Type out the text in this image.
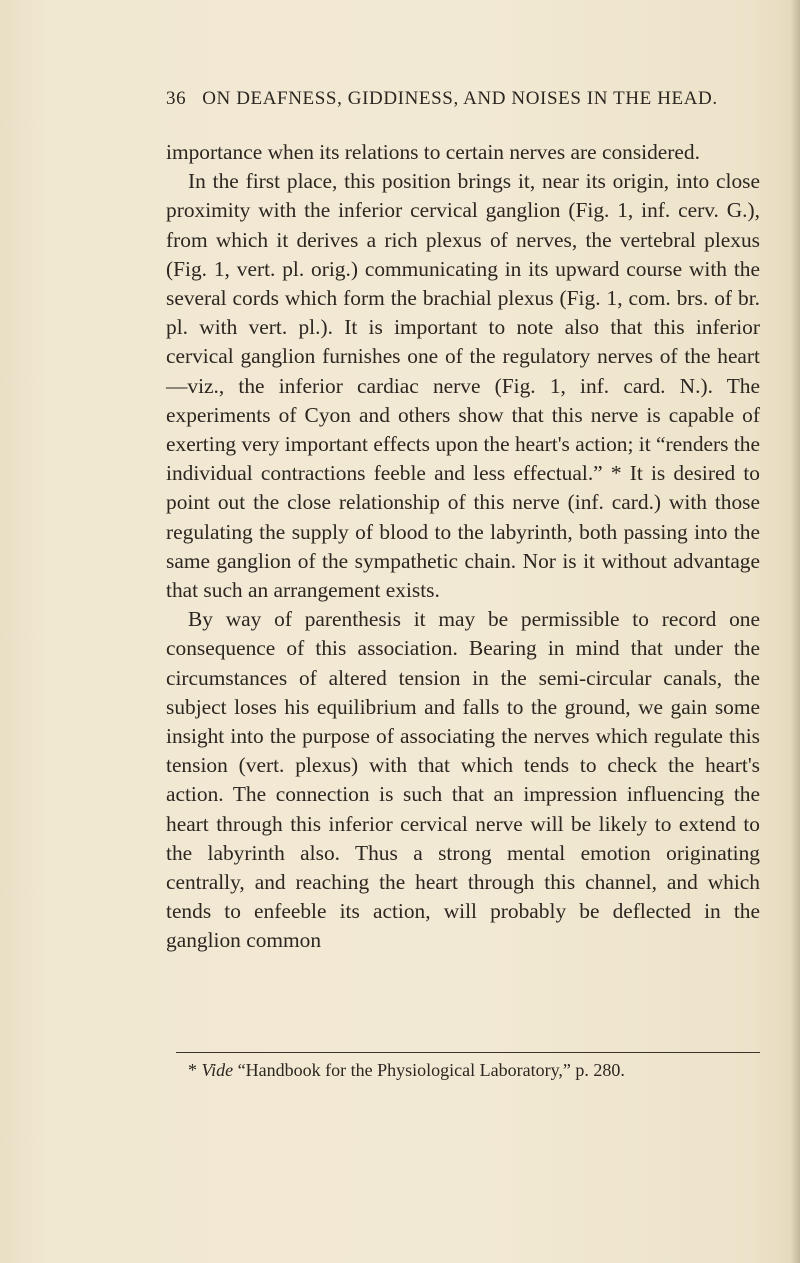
36 ON DEAFNESS, GIDDINESS, AND NOISES IN THE HEAD.

importance when its relations to certain nerves are considered.

In the first place, this position brings it, near its origin, into close proximity with the inferior cervical ganglion (Fig. 1, inf. cerv. G.), from which it derives a rich plexus of nerves, the vertebral plexus (Fig. 1, vert. pl. orig.) communicating in its upward course with the several cords which form the brachial plexus (Fig. 1, com. brs. of br. pl. with vert. pl.). It is important to note also that this inferior cervical ganglion furnishes one of the regulatory nerves of the heart—viz., the inferior cardiac nerve (Fig. 1, inf. card. N.). The experiments of Cyon and others show that this nerve is capable of exerting very important effects upon the heart's action; it “renders the individual contractions feeble and less effectual.” * It is desired to point out the close relationship of this nerve (inf. card.) with those regulating the supply of blood to the labyrinth, both passing into the same ganglion of the sympathetic chain. Nor is it without advantage that such an arrangement exists.

By way of parenthesis it may be permissible to record one consequence of this association. Bearing in mind that under the circumstances of altered tension in the semi-circular canals, the subject loses his equilibrium and falls to the ground, we gain some insight into the purpose of associating the nerves which regulate this tension (vert. plexus) with that which tends to check the heart's action. The connection is such that an impression influencing the heart through this inferior cervical nerve will be likely to extend to the labyrinth also. Thus a strong mental emotion originating centrally, and reaching the heart through this channel, and which tends to enfeeble its action, will probably be deflected in the ganglion common

* Vide “Handbook for the Physiological Laboratory,” p. 280.
